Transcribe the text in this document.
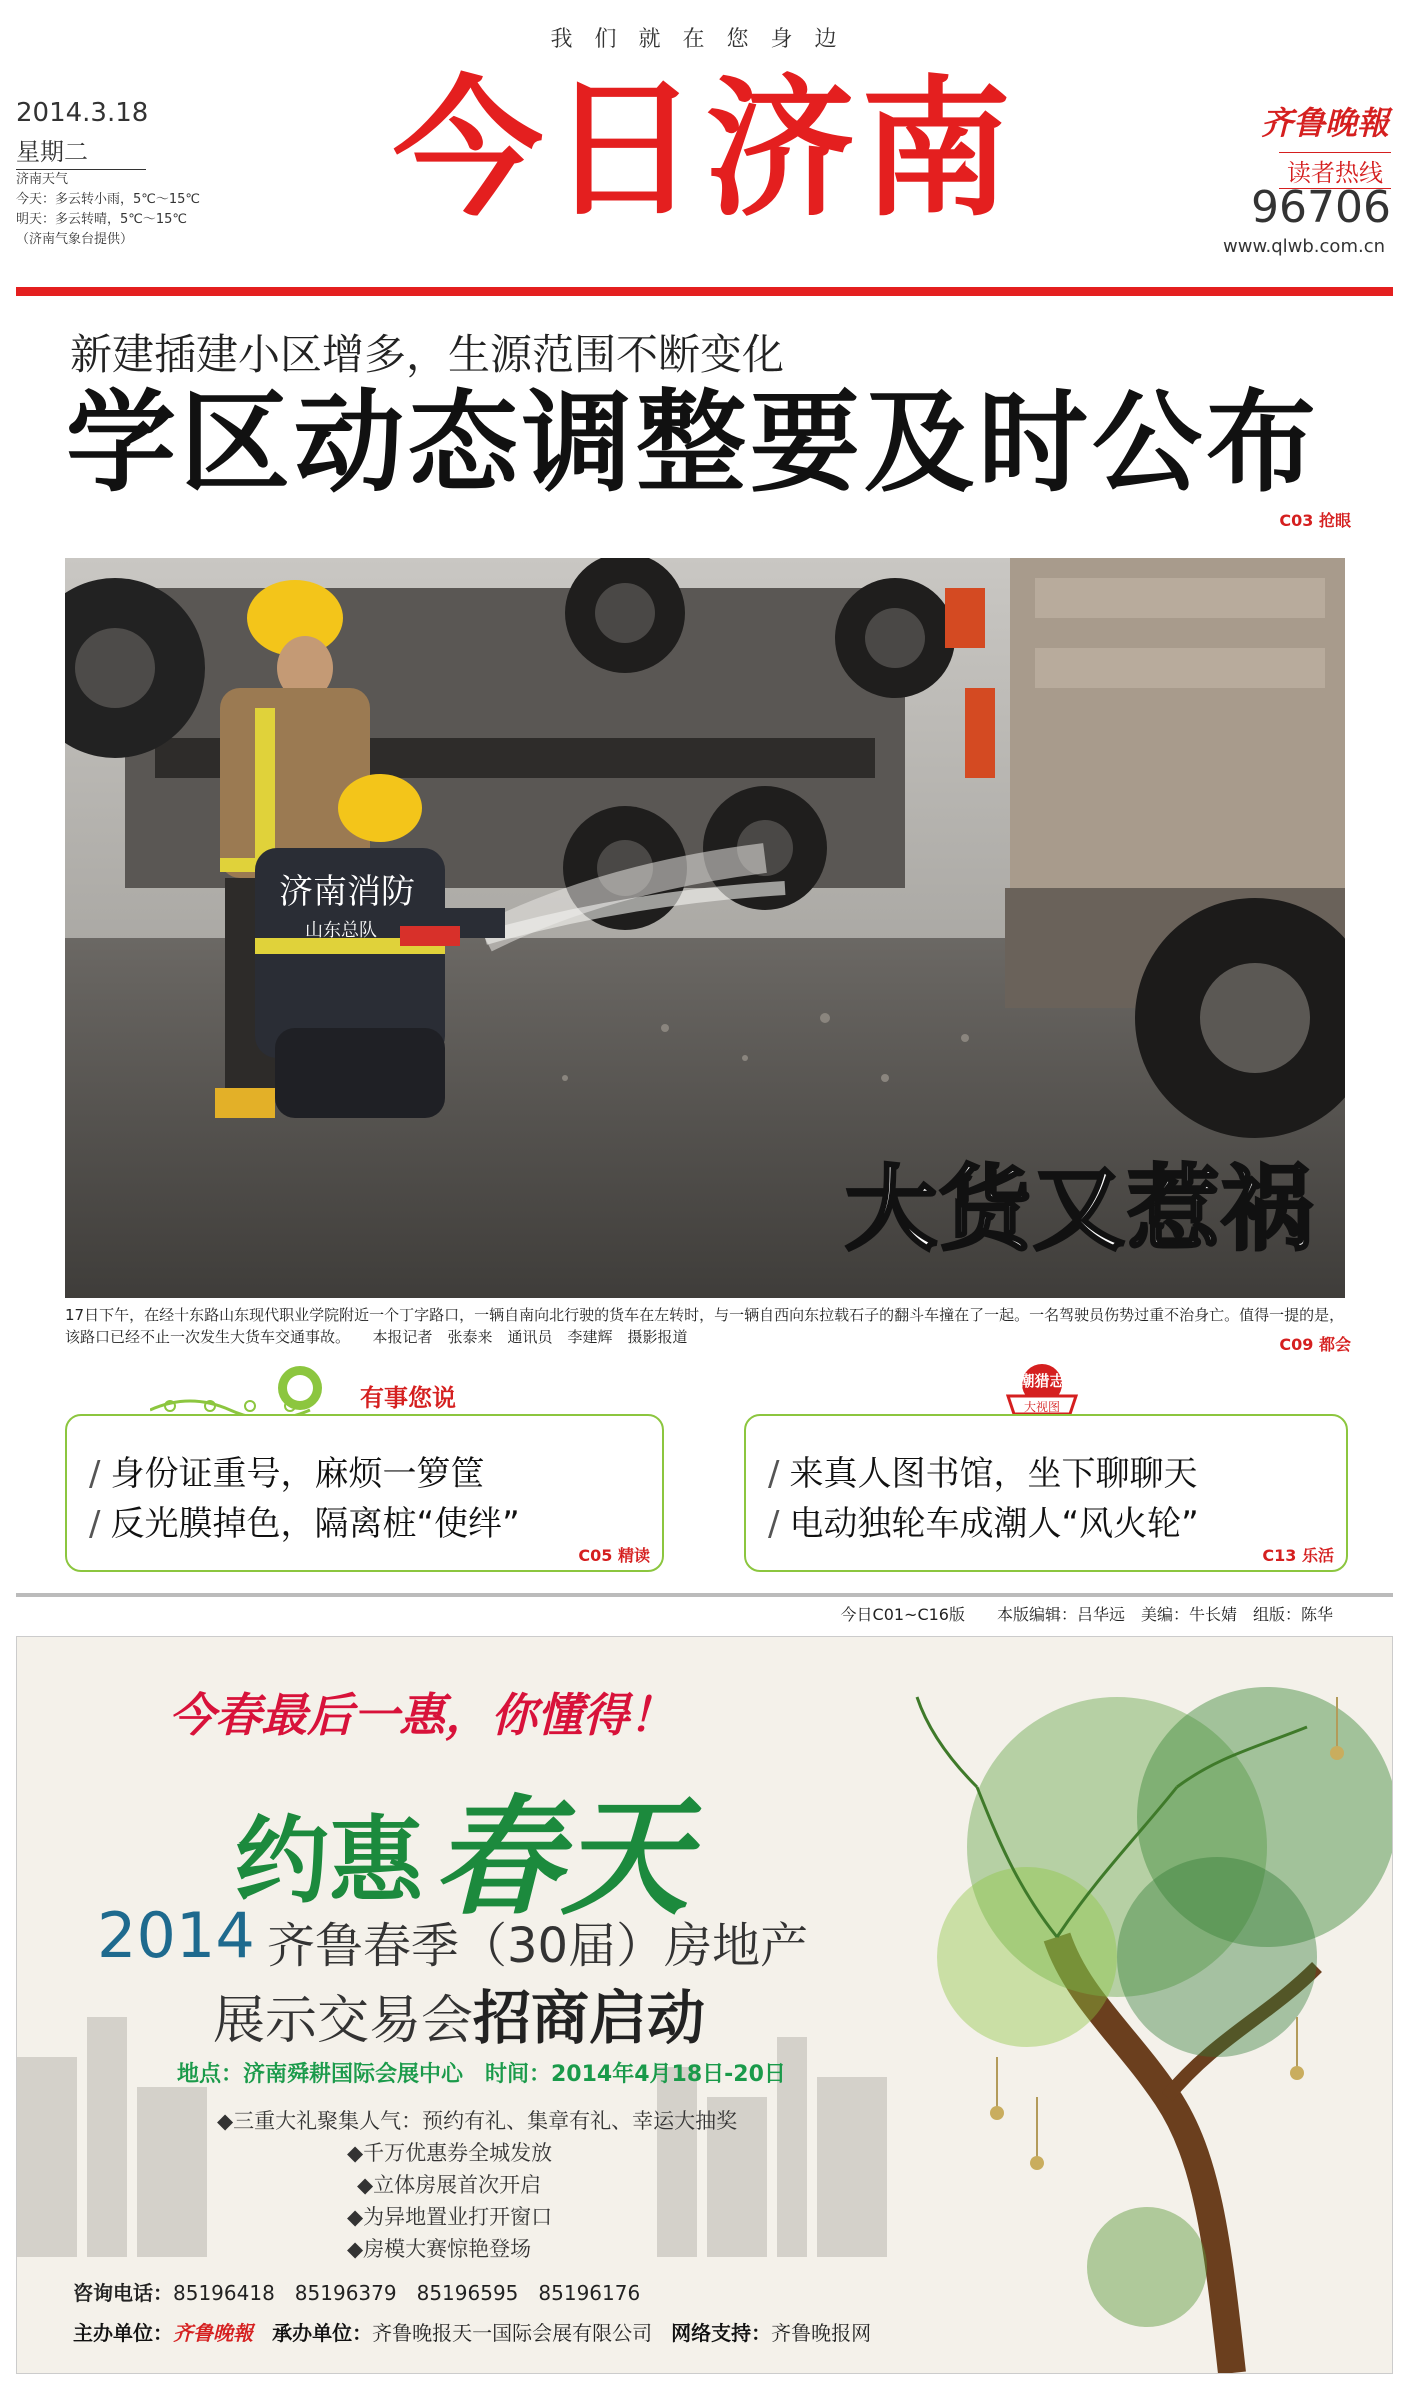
我们就在您身边
2014.3.18
星期二
济南天气
今天：多云转小雨，5℃～15℃
明天：多云转晴，5℃～15℃
（济南气象台提供）
今日济南	齐鲁晚報
读者热线
96706
www.qlwb.com.cn
新建插建小区增多，生源范围不断变化
学区动态调整要及时公布
C03 抢眼
济南消防
山东总队
大货又惹祸
17日下午，在经十东路山东现代职业学院附近一个丁字路口，一辆自南向北行驶的货车在左转时，与一辆自西向东拉载石子的翻斗车撞在了一起。一名驾驶员伤势过重不治身亡。值得一提的是，该路口已经不止一次发生大货车交通事故。　　本报记者　张泰来　通讯员　李建辉　摄影报道	C09 都会
有事您说
/ 身份证重号，麻烦一箩筐
/ 反光膜掉色，隔离桩“使绊”
C05 精读
潮猎志
大视图
/ 来真人图书馆，坐下聊聊天
/ 电动独轮车成潮人“风火轮”
C13 乐活
今日C01~C16版　　本版编辑：吕华远　美编：牛长婧　组版：陈华
今春最后一惠，你懂得！
约惠 春天
2014 齐鲁春季（30届）房地产
展示交易会招商启动
地点：济南舜耕国际会展中心　时间：2014年4月18日-20日
◆三重大礼聚集人气：预约有礼、集章有礼、幸运大抽奖
◆千万优惠券全城发放
◆立体房展首次开启
◆为异地置业打开窗口
◆房模大赛惊艳登场
咨询电话：85196418　85196379　85196595　85196176
主办单位：齐鲁晚報 承办单位：齐鲁晚报天一国际会展有限公司 网络支持：齐鲁晚报网
